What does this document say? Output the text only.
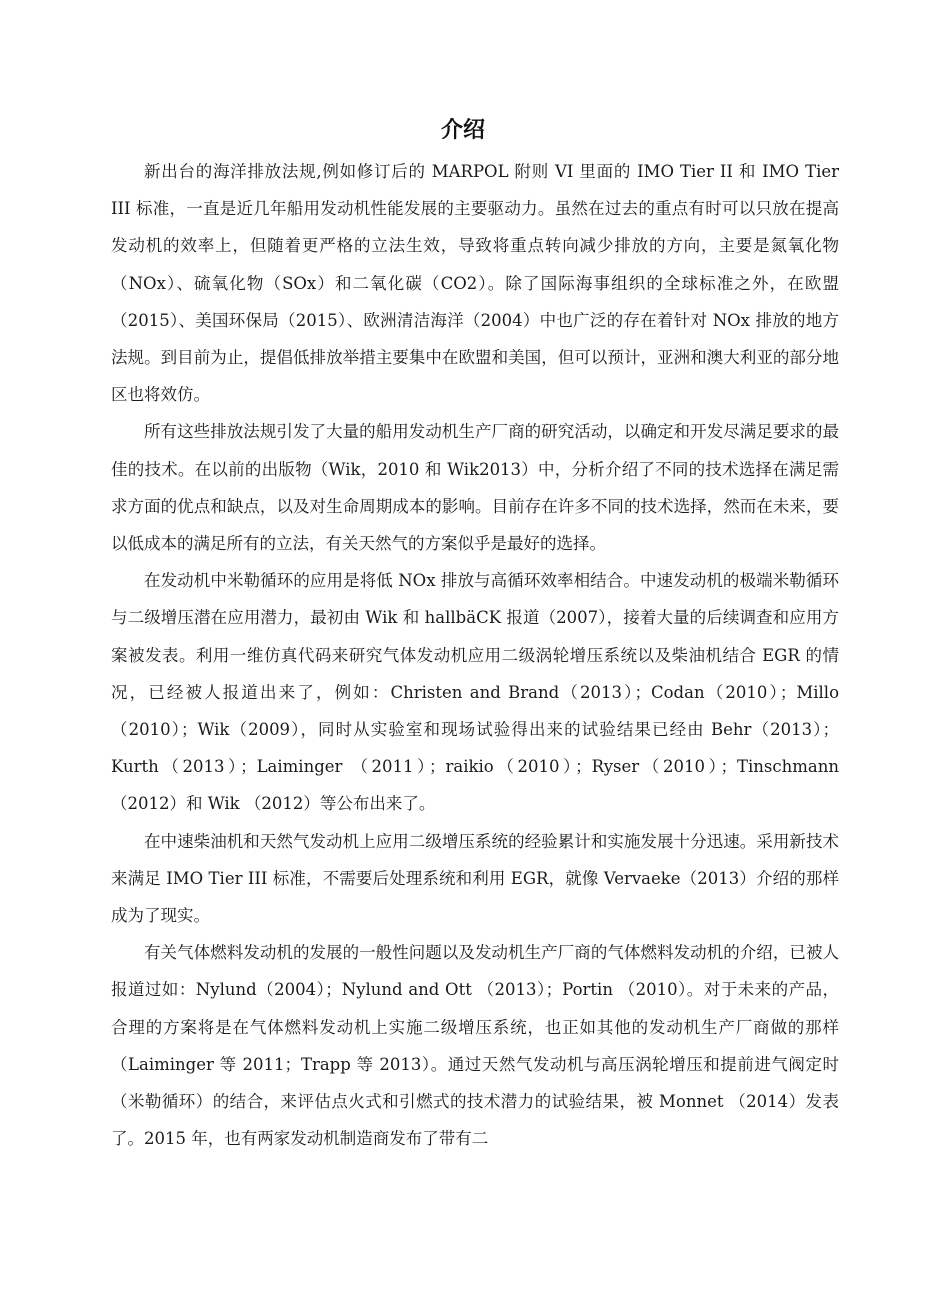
介绍

新出台的海洋排放法规,例如修订后的 MARPOL 附则 VI 里面的 IMO Tier II 和 IMO Tier III 标准，一直是近几年船用发动机性能发展的主要驱动力。虽然在过去的重点有时可以只放在提高发动机的效率上，但随着更严格的立法生效，导致将重点转向减少排放的方向，主要是氮氧化物（NOx）、硫氧化物（SOx）和二氧化碳（CO2）。除了国际海事组织的全球标准之外，在欧盟（2015）、美国环保局（2015）、欧洲清洁海洋（2004）中也广泛的存在着针对 NOx 排放的地方法规。到目前为止，提倡低排放举措主要集中在欧盟和美国，但可以预计，亚洲和澳大利亚的部分地区也将效仿。

所有这些排放法规引发了大量的船用发动机生产厂商的研究活动，以确定和开发尽满足要求的最佳的技术。在以前的出版物（Wik，2010 和 Wik2013）中，分析介绍了不同的技术选择在满足需求方面的优点和缺点，以及对生命周期成本的影响。目前存在许多不同的技术选择，然而在未来，要以低成本的满足所有的立法，有关天然气的方案似乎是最好的选择。

在发动机中米勒循环的应用是将低 NOx 排放与高循环效率相结合。中速发动机的极端米勒循环与二级增压潜在应用潜力，最初由 Wik 和 hallbäCK 报道（2007），接着大量的后续调查和应用方案被发表。利用一维仿真代码来研究气体发动机应用二级涡轮增压系统以及柴油机结合 EGR 的情况，已经被人报道出来了，例如：Christen and Brand（2013）；Codan（2010）；Millo（2010）；Wik（2009），同时从实验室和现场试验得出来的试验结果已经由 Behr（2013）；Kurth（2013）；Laiminger （2011）；raikio（2010）；Ryser（2010）；Tinschmann（2012）和 Wik （2012）等公布出来了。

在中速柴油机和天然气发动机上应用二级增压系统的经验累计和实施发展十分迅速。采用新技术来满足 IMO Tier III 标准，不需要后处理系统和利用 EGR，就像 Vervaeke（2013）介绍的那样成为了现实。

有关气体燃料发动机的发展的一般性问题以及发动机生产厂商的气体燃料发动机的介绍，已被人报道过如：Nylund（2004）；Nylund and Ott （2013）；Portin （2010）。对于未来的产品，合理的方案将是在气体燃料发动机上实施二级增压系统，也正如其他的发动机生产厂商做的那样（Laiminger 等 2011；Trapp 等 2013）。通过天然气发动机与高压涡轮增压和提前进气阀定时（米勒循环）的结合，来评估点火式和引燃式的技术潜力的试验结果，被 Monnet （2014）发表了。2015 年，也有两家发动机制造商发布了带有二
